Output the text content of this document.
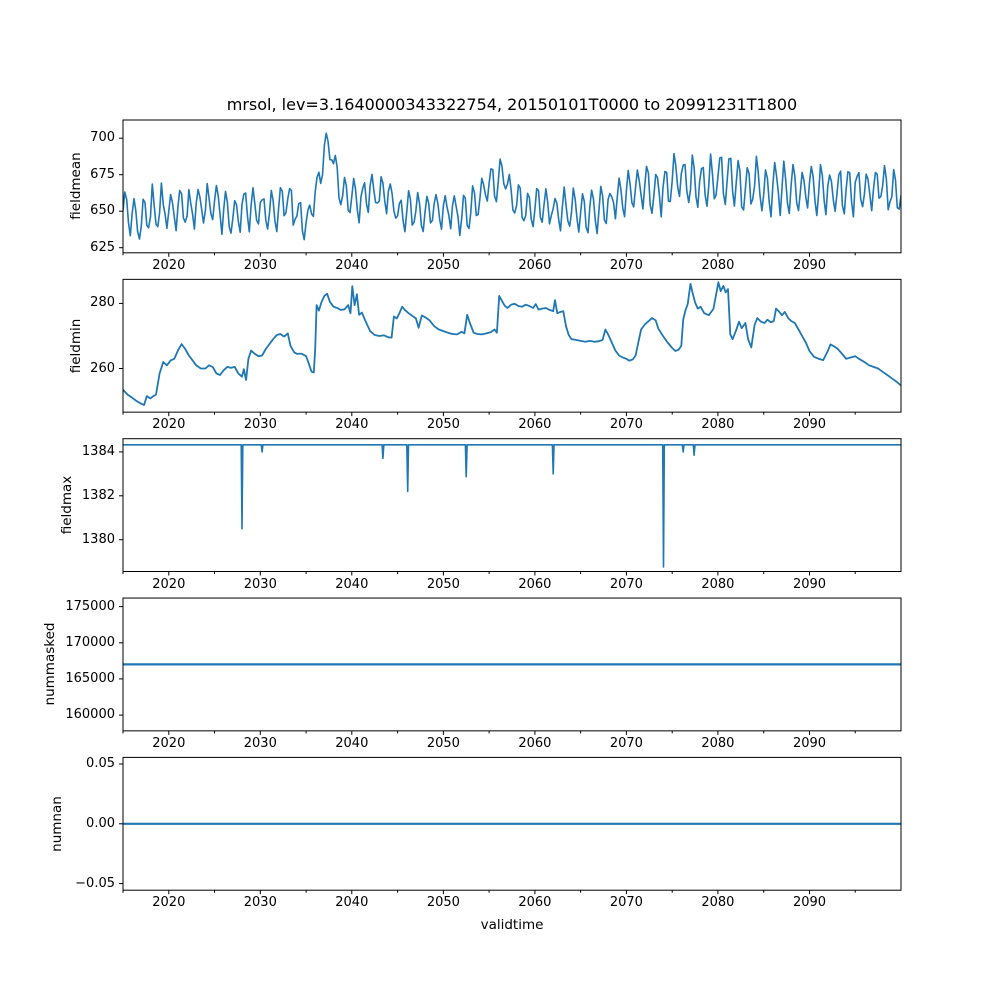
mrsol, lev=3.1640000343322754, 20150101T0000 to 20991231T1800
2020	2030	2040	2050	2060	2070	2080	2090
625
650
675
700
fieldmean
2020	2030	2040	2050	2060	2070	2080	2090
260
280
fieldmin
2020	2030	2040	2050	2060	2070	2080	2090
1380
1382
1384
fieldmax
2020	2030	2040	2050	2060	2070	2080	2090
160000
165000
170000
175000
nummasked
2020	2030	2040	2050	2060	2070	2080	2090
−0.05
0.00
0.05
numnan
validtime
